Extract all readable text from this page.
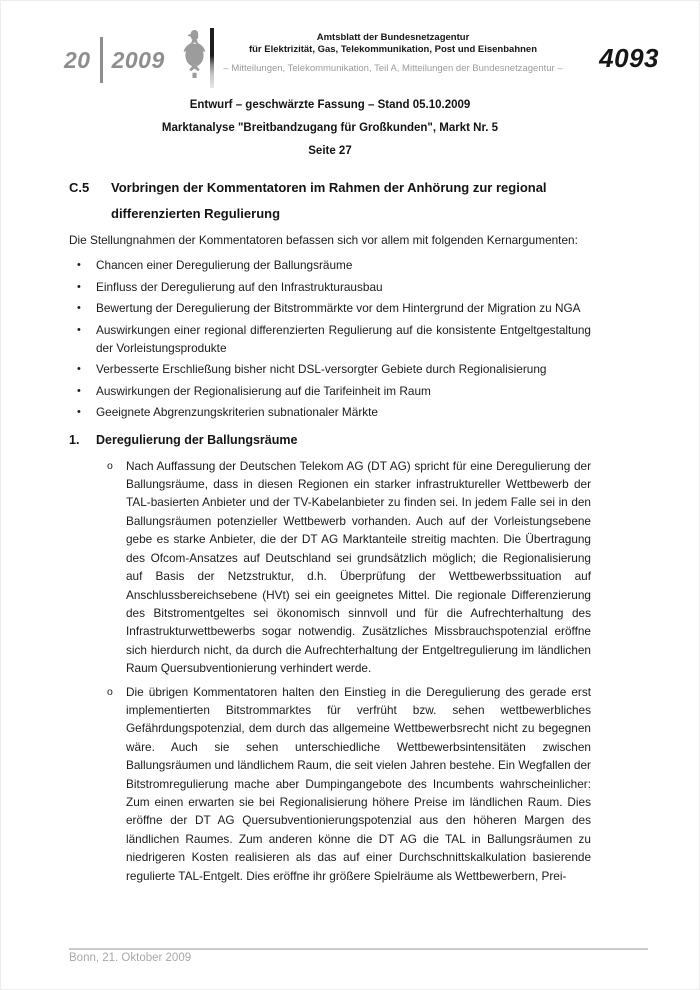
20 2009
Amtsblatt der Bundesnetzagentur
für Elektrizität, Gas, Telekommunikation, Post und Eisenbahnen
– Mitteilungen, Telekommunikation, Teil A, Mitteilungen der Bundesnetzagentur – 4093
Entwurf – geschwärzte Fassung – Stand 05.10.2009
Marktanalyse "Breitbandzugang für Großkunden", Markt Nr. 5
Seite 27
C.5	Vorbringen der Kommentatoren im Rahmen der Anhörung zur regional differenzierten Regulierung

Die Stellungnahmen der Kommentatoren befassen sich vor allem mit folgenden Kernargumenten:

•	Chancen einer Deregulierung der Ballungsräume
•	Einfluss der Deregulierung auf den Infrastrukturausbau
•	Bewertung der Deregulierung der Bitstrommärkte vor dem Hintergrund der Migration zu NGA
•	Auswirkungen einer regional differenzierten Regulierung auf die konsistente Entgeltgestaltung der Vorleistungsprodukte
•	Verbesserte Erschließung bisher nicht DSL-versorgter Gebiete durch Regionalisierung
•	Auswirkungen der Regionalisierung auf die Tarifeinheit im Raum
•	Geeignete Abgrenzungskriterien subnationaler Märkte
1.	Deregulierung der Ballungsräume
o	Nach Auffassung der Deutschen Telekom AG (DT AG) spricht für eine Deregulierung der Ballungsräume, dass in diesen Regionen ein starker infrastruktureller Wettbewerb der TAL-basierten Anbieter und der TV-Kabelanbieter zu finden sei. In jedem Falle sei in den Ballungsräumen potenzieller Wettbewerb vorhanden. Auch auf der Vorleistungsebene gebe es starke Anbieter, die der DT AG Marktanteile streitig machten. Die Übertragung des Ofcom-Ansatzes auf Deutschland sei grundsätzlich möglich; die Regionalisierung auf Basis der Netzstruktur, d.h. Überprüfung der Wettbewerbssituation auf Anschlussbereichsebene (HVt) sei ein geeignetes Mittel. Die regionale Differenzierung des Bitstromentgeltes sei ökonomisch sinnvoll und für die Aufrechterhaltung des Infrastrukturwettbewerbs sogar notwendig. Zusätzliches Missbrauchspotenzial eröffne sich hierdurch nicht, da durch die Aufrechterhaltung der Entgeltregulierung im ländlichen Raum Quersubventionierung verhindert werde.
o	Die übrigen Kommentatoren halten den Einstieg in die Deregulierung des gerade erst implementierten Bitstrommarktes für verfrüht bzw. sehen wettbewerbliches Gefährdungspotenzial, dem durch das allgemeine Wettbewerbsrecht nicht zu begegnen wäre. Auch sie sehen unterschiedliche Wettbewerbsintensitäten zwischen Ballungsräumen und ländlichem Raum, die seit vielen Jahren bestehe. Ein Wegfallen der Bitstromregulierung mache aber Dumpingangebote des Incumbents wahrscheinlicher: Zum einen erwarten sie bei Regionalisierung höhere Preise im ländlichen Raum. Dies eröffne der DT AG Quersubventionierungspotenzial aus den höheren Margen des ländlichen Raumes. Zum anderen könne die DT AG die TAL in Ballungsräumen zu niedrigeren Kosten realisieren als das auf einer Durchschnittskalkulation basierende regulierte TAL-Entgelt. Dies eröffne ihr größere Spielräume als Wettbewerbern, Prei-
Bonn, 21. Oktober 2009
